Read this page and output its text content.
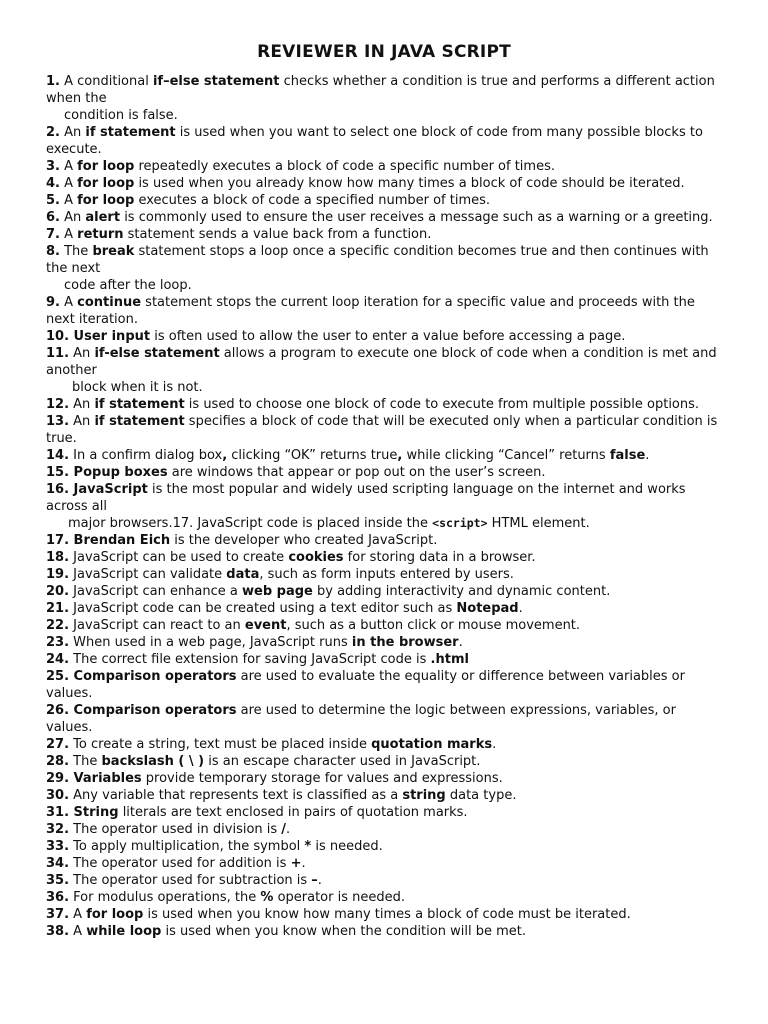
REVIEWER IN JAVA SCRIPT

1. A conditional if–else statement checks whether a condition is true and performs a different action when the

condition is false.

2. An if statement is used when you want to select one block of code from many possible blocks to execute.

3. A for loop repeatedly executes a block of code a specific number of times.

4. A for loop is used when you already know how many times a block of code should be iterated.

5. A for loop executes a block of code a specified number of times.

6. An alert is commonly used to ensure the user receives a message such as a warning or a greeting.

7. A return statement sends a value back from a function.

8. The break statement stops a loop once a specific condition becomes true and then continues with the next

code after the loop.

9. A continue statement stops the current loop iteration for a specific value and proceeds with the next iteration.

10. User input is often used to allow the user to enter a value before accessing a page.

11. An if-else statement allows a program to execute one block of code when a condition is met and another

block when it is not.

12. An if statement is used to choose one block of code to execute from multiple possible options.

13. An if statement specifies a block of code that will be executed only when a particular condition is true.

14. In a confirm dialog box, clicking “OK” returns true, while clicking “Cancel” returns false.

15. Popup boxes are windows that appear or pop out on the user’s screen.

16. JavaScript is the most popular and widely used scripting language on the internet and works across all

major browsers.17. JavaScript code is placed inside the <script> HTML element.

17. Brendan Eich is the developer who created JavaScript.

18. JavaScript can be used to create cookies for storing data in a browser.

19. JavaScript can validate data, such as form inputs entered by users.

20. JavaScript can enhance a web page by adding interactivity and dynamic content.

21. JavaScript code can be created using a text editor such as Notepad.

22. JavaScript can react to an event, such as a button click or mouse movement.

23. When used in a web page, JavaScript runs in the browser.

24. The correct file extension for saving JavaScript code is .html

25. Comparison operators are used to evaluate the equality or difference between variables or values.

26. Comparison operators are used to determine the logic between expressions, variables, or values.

27. To create a string, text must be placed inside quotation marks.

28. The backslash ( \ ) is an escape character used in JavaScript.

29. Variables provide temporary storage for values and expressions.

30. Any variable that represents text is classified as a string data type.

31. String literals are text enclosed in pairs of quotation marks.

32. The operator used in division is /.

33. To apply multiplication, the symbol * is needed.

34. The operator used for addition is +.

35. The operator used for subtraction is –.

36. For modulus operations, the % operator is needed.

37. A for loop is used when you know how many times a block of code must be iterated.

38. A while loop is used when you know when the condition will be met.
